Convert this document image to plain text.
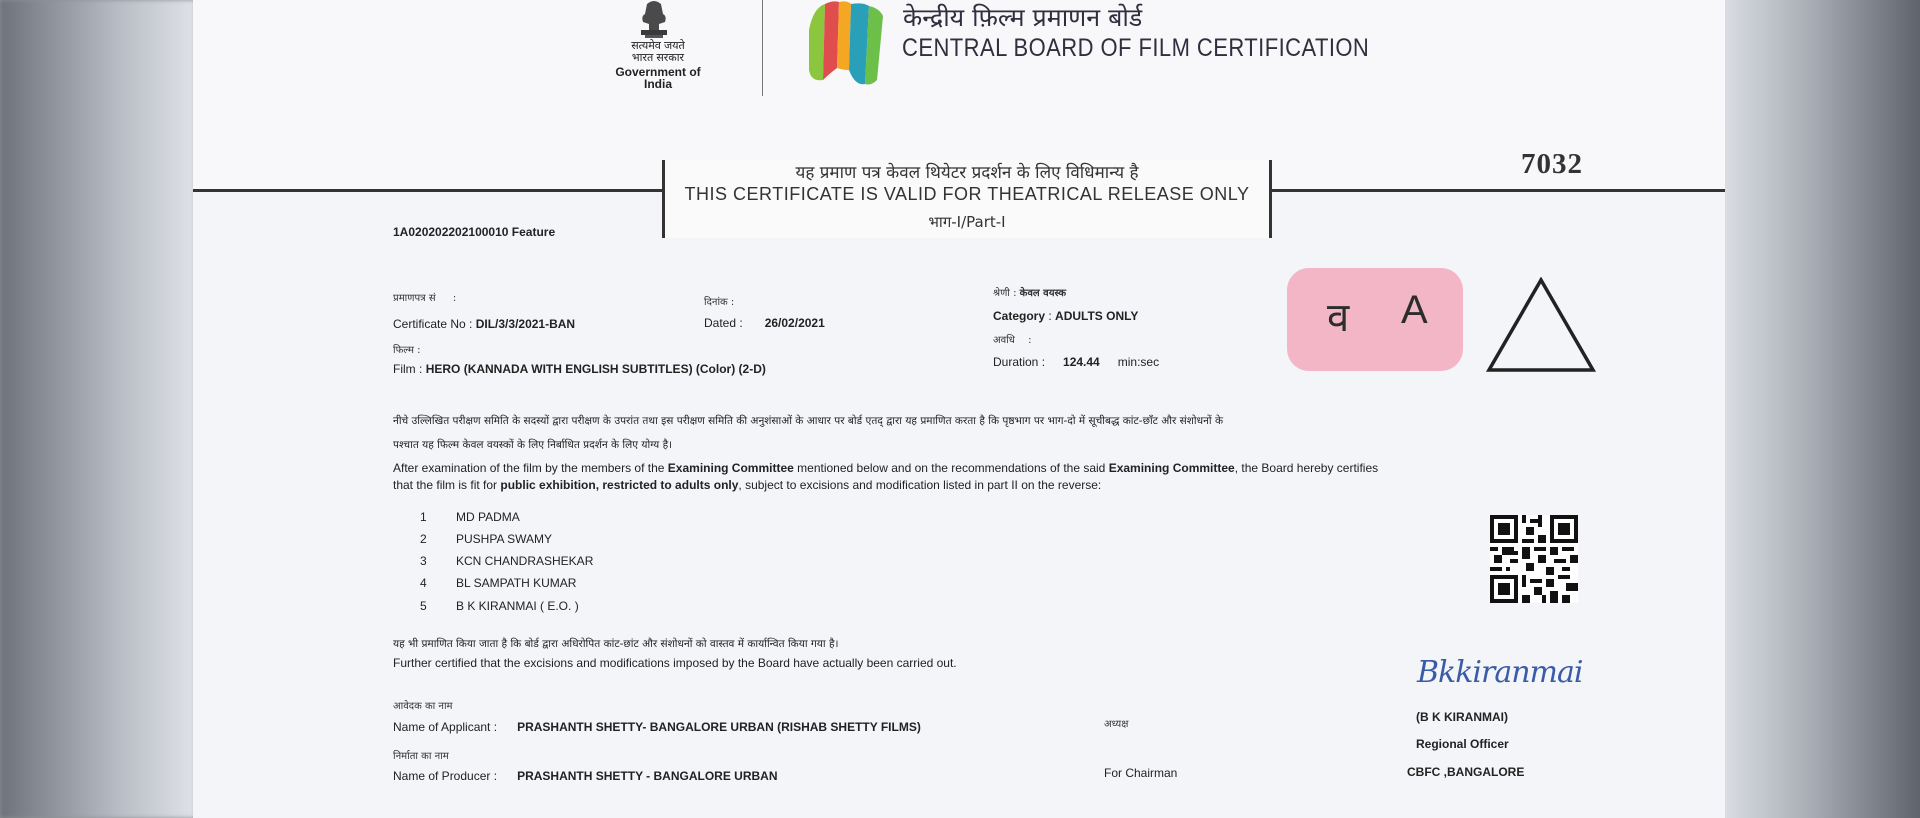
सत्यमेव जयते
भारत सरकार
Government of India
केन्द्रीय फ़िल्म प्रमाणन बोर्ड
CENTRAL BOARD OF FILM CERTIFICATION
यह प्रमाण पत्र केवल थियेटर प्रदर्शन के लिए विधिमान्य है
THIS CERTIFICATE IS VALID FOR THEATRICAL RELEASE ONLY
भाग-I/Part-I
7032
1A020202202100010 Feature
प्रमाणपत्र सं :
Certificate No : DIL/3/3/2021-BAN
दिनांक :
Dated : 26/02/2021
श्रेणी : केवल वयस्क
Category : ADULTS ONLY
फिल्म :
Film : HERO (KANNADA WITH ENGLISH SUBTITLES) (Color) (2-D)
अवधि :
Duration : 124.44 min:sec
व A
नीचे उल्लिखित परीक्षण समिति के सदस्यों द्वारा परीक्षण के उपरांत तथा इस परीक्षण समिति की अनुशंसाओं के आधार पर बोर्ड एतद् द्वारा यह प्रमाणित करता है कि पृष्ठभाग पर भाग-दो में सूचीबद्ध कांट-छाँट और संशोधनों के
पश्चात यह फिल्म केवल वयस्कों के लिए निर्बाधित प्रदर्शन के लिए योग्य है।
After examination of the film by the members of the Examining Committee mentioned below and on the recommendations of the said Examining Committee, the Board hereby certifies
that the film is fit for public exhibition, restricted to adults only, subject to excisions and modification listed in part II on the reverse:
1 MD PADMA
2 PUSHPA SWAMY
3 KCN CHANDRASHEKAR
4 BL SAMPATH KUMAR
5 B K KIRANMAI ( E.O. )
यह भी प्रमाणित किया जाता है कि बोर्ड द्वारा अधिरोपित कांट-छांट और संशोधनों को वास्तव में कार्यान्वित किया गया है।
Further certified that the excisions and modifications imposed by the Board have actually been carried out.	Bkkiranmai
आवेदक का नाम
Name of Applicant : PRASHANTH SHETTY- BANGALORE URBAN (RISHAB SHETTY FILMS)
निर्माता का नाम
Name of Producer : PRASHANTH SHETTY - BANGALORE URBAN
अध्यक्ष
For Chairman
(B K KIRANMAI)
Regional Officer
CBFC ,BANGALORE
